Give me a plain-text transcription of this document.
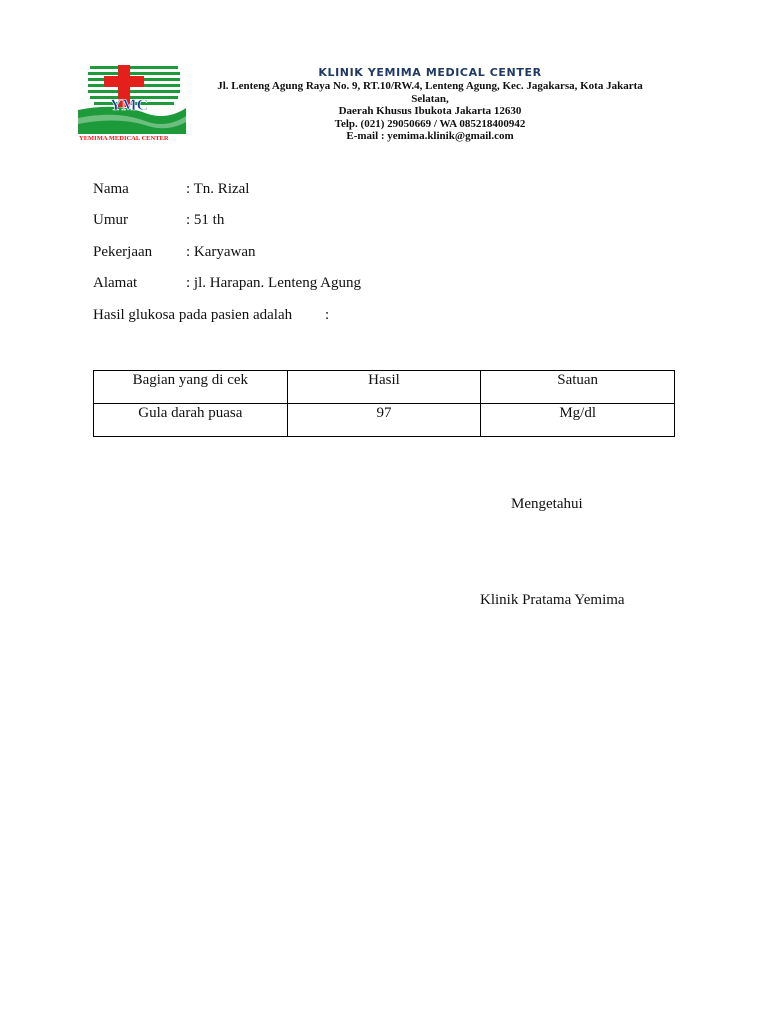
YMC
YEMIMA MEDICAL CENTER
KLINIK YEMIMA MEDICAL CENTER
Jl. Lenteng Agung Raya No. 9, RT.10/RW.4, Lenteng Agung, Kec. Jagakarsa, Kota Jakarta Selatan,
Daerah Khusus Ibukota Jakarta 12630
Telp. (021) 29050669 / WA 085218400942
E-mail : yemima.klinik@gmail.com
Nama	: Tn. Rizal
Umur	: 51 th
Pekerjaan : Karyawan
Alamat	: jl. Harapan. Lenteng Agung
Hasil glukosa pada pasien adalah :
Bagian yang di cek	Hasil	Satuan
Gula darah puasa	97	Mg/dl
Mengetahui
Klinik Pratama Yemima
